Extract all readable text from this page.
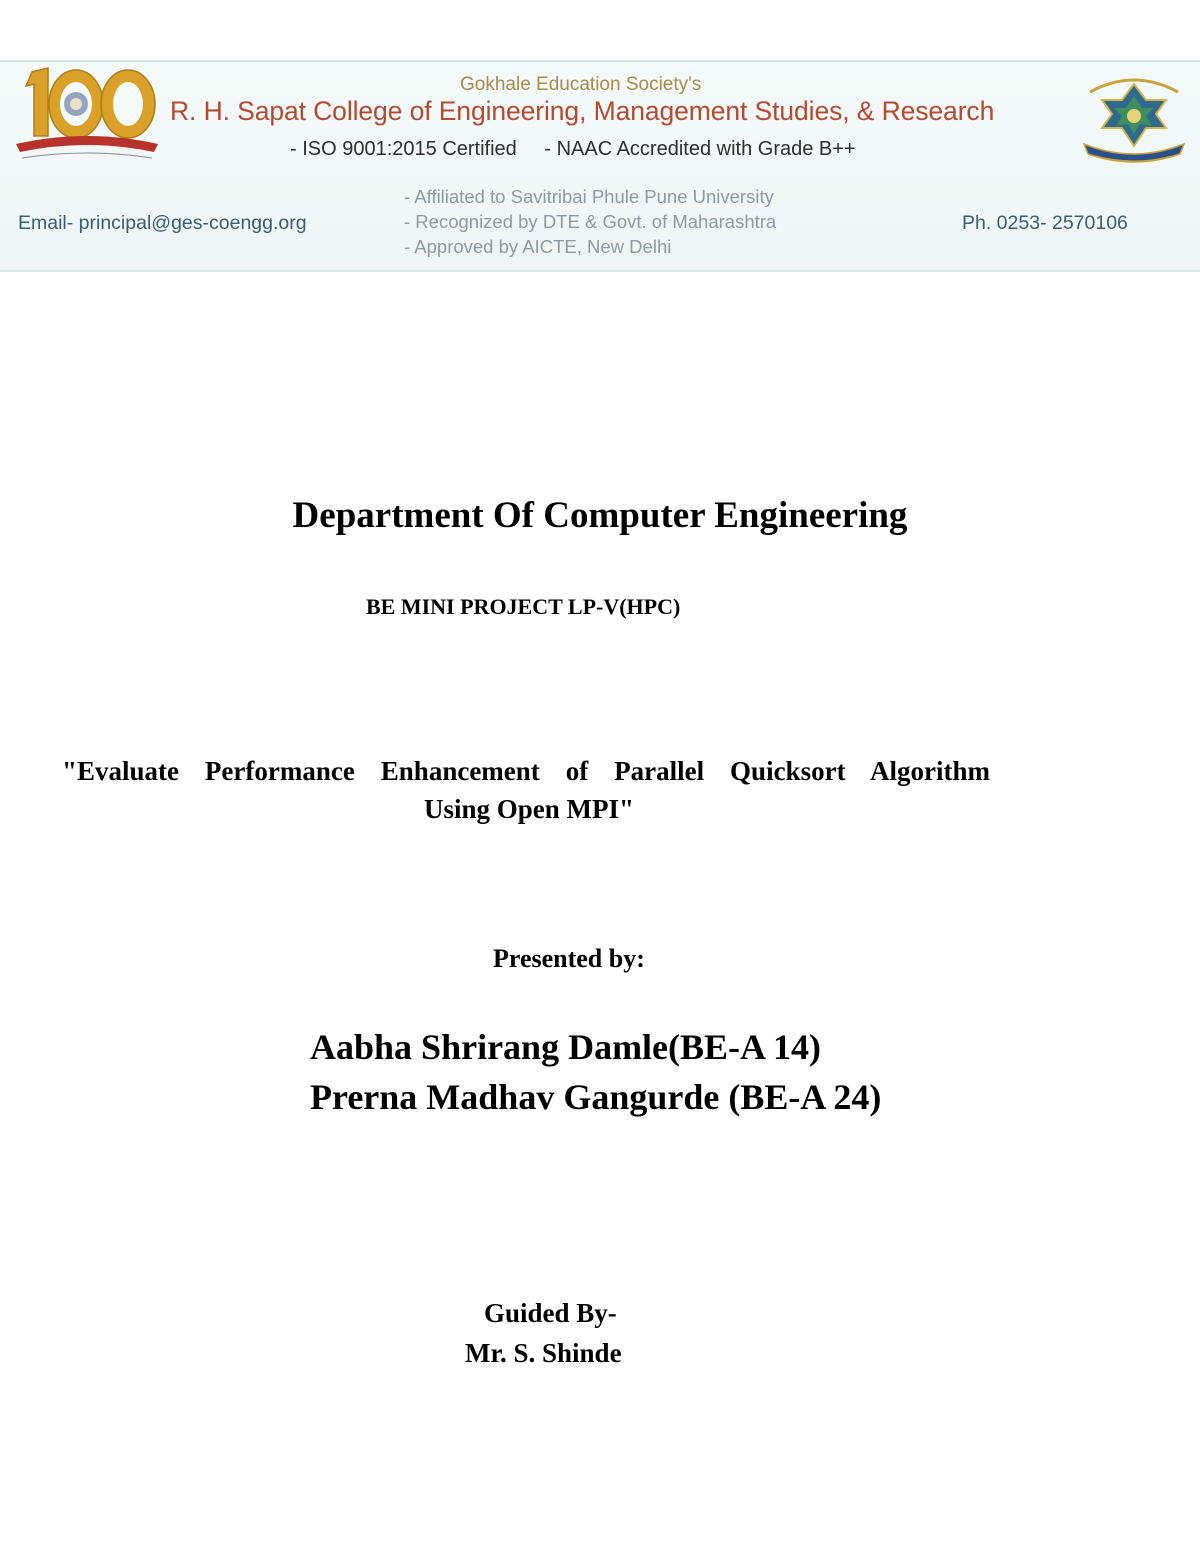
Gokhale Education Society's
R. H. Sapat College of Engineering, Management Studies, & Research
- ISO 9001:2015 Certified - NAAC Accredited with Grade B++
Email- principal@ges-coengg.org
- Affiliated to Savitribai Phule Pune University
- Recognized by DTE & Govt. of Maharashtra
- Approved by AICTE, New Delhi
Ph. 0253- 2570106
Department Of Computer Engineering
BE MINI PROJECT LP-V(HPC)
"Evaluate Performance Enhancement of Parallel Quicksort Algorithm
Using Open MPI"
Presented by:
Aabha Shrirang Damle(BE-A 14)
Prerna Madhav Gangurde (BE-A 24)
Guided By-
Mr. S. Shinde
